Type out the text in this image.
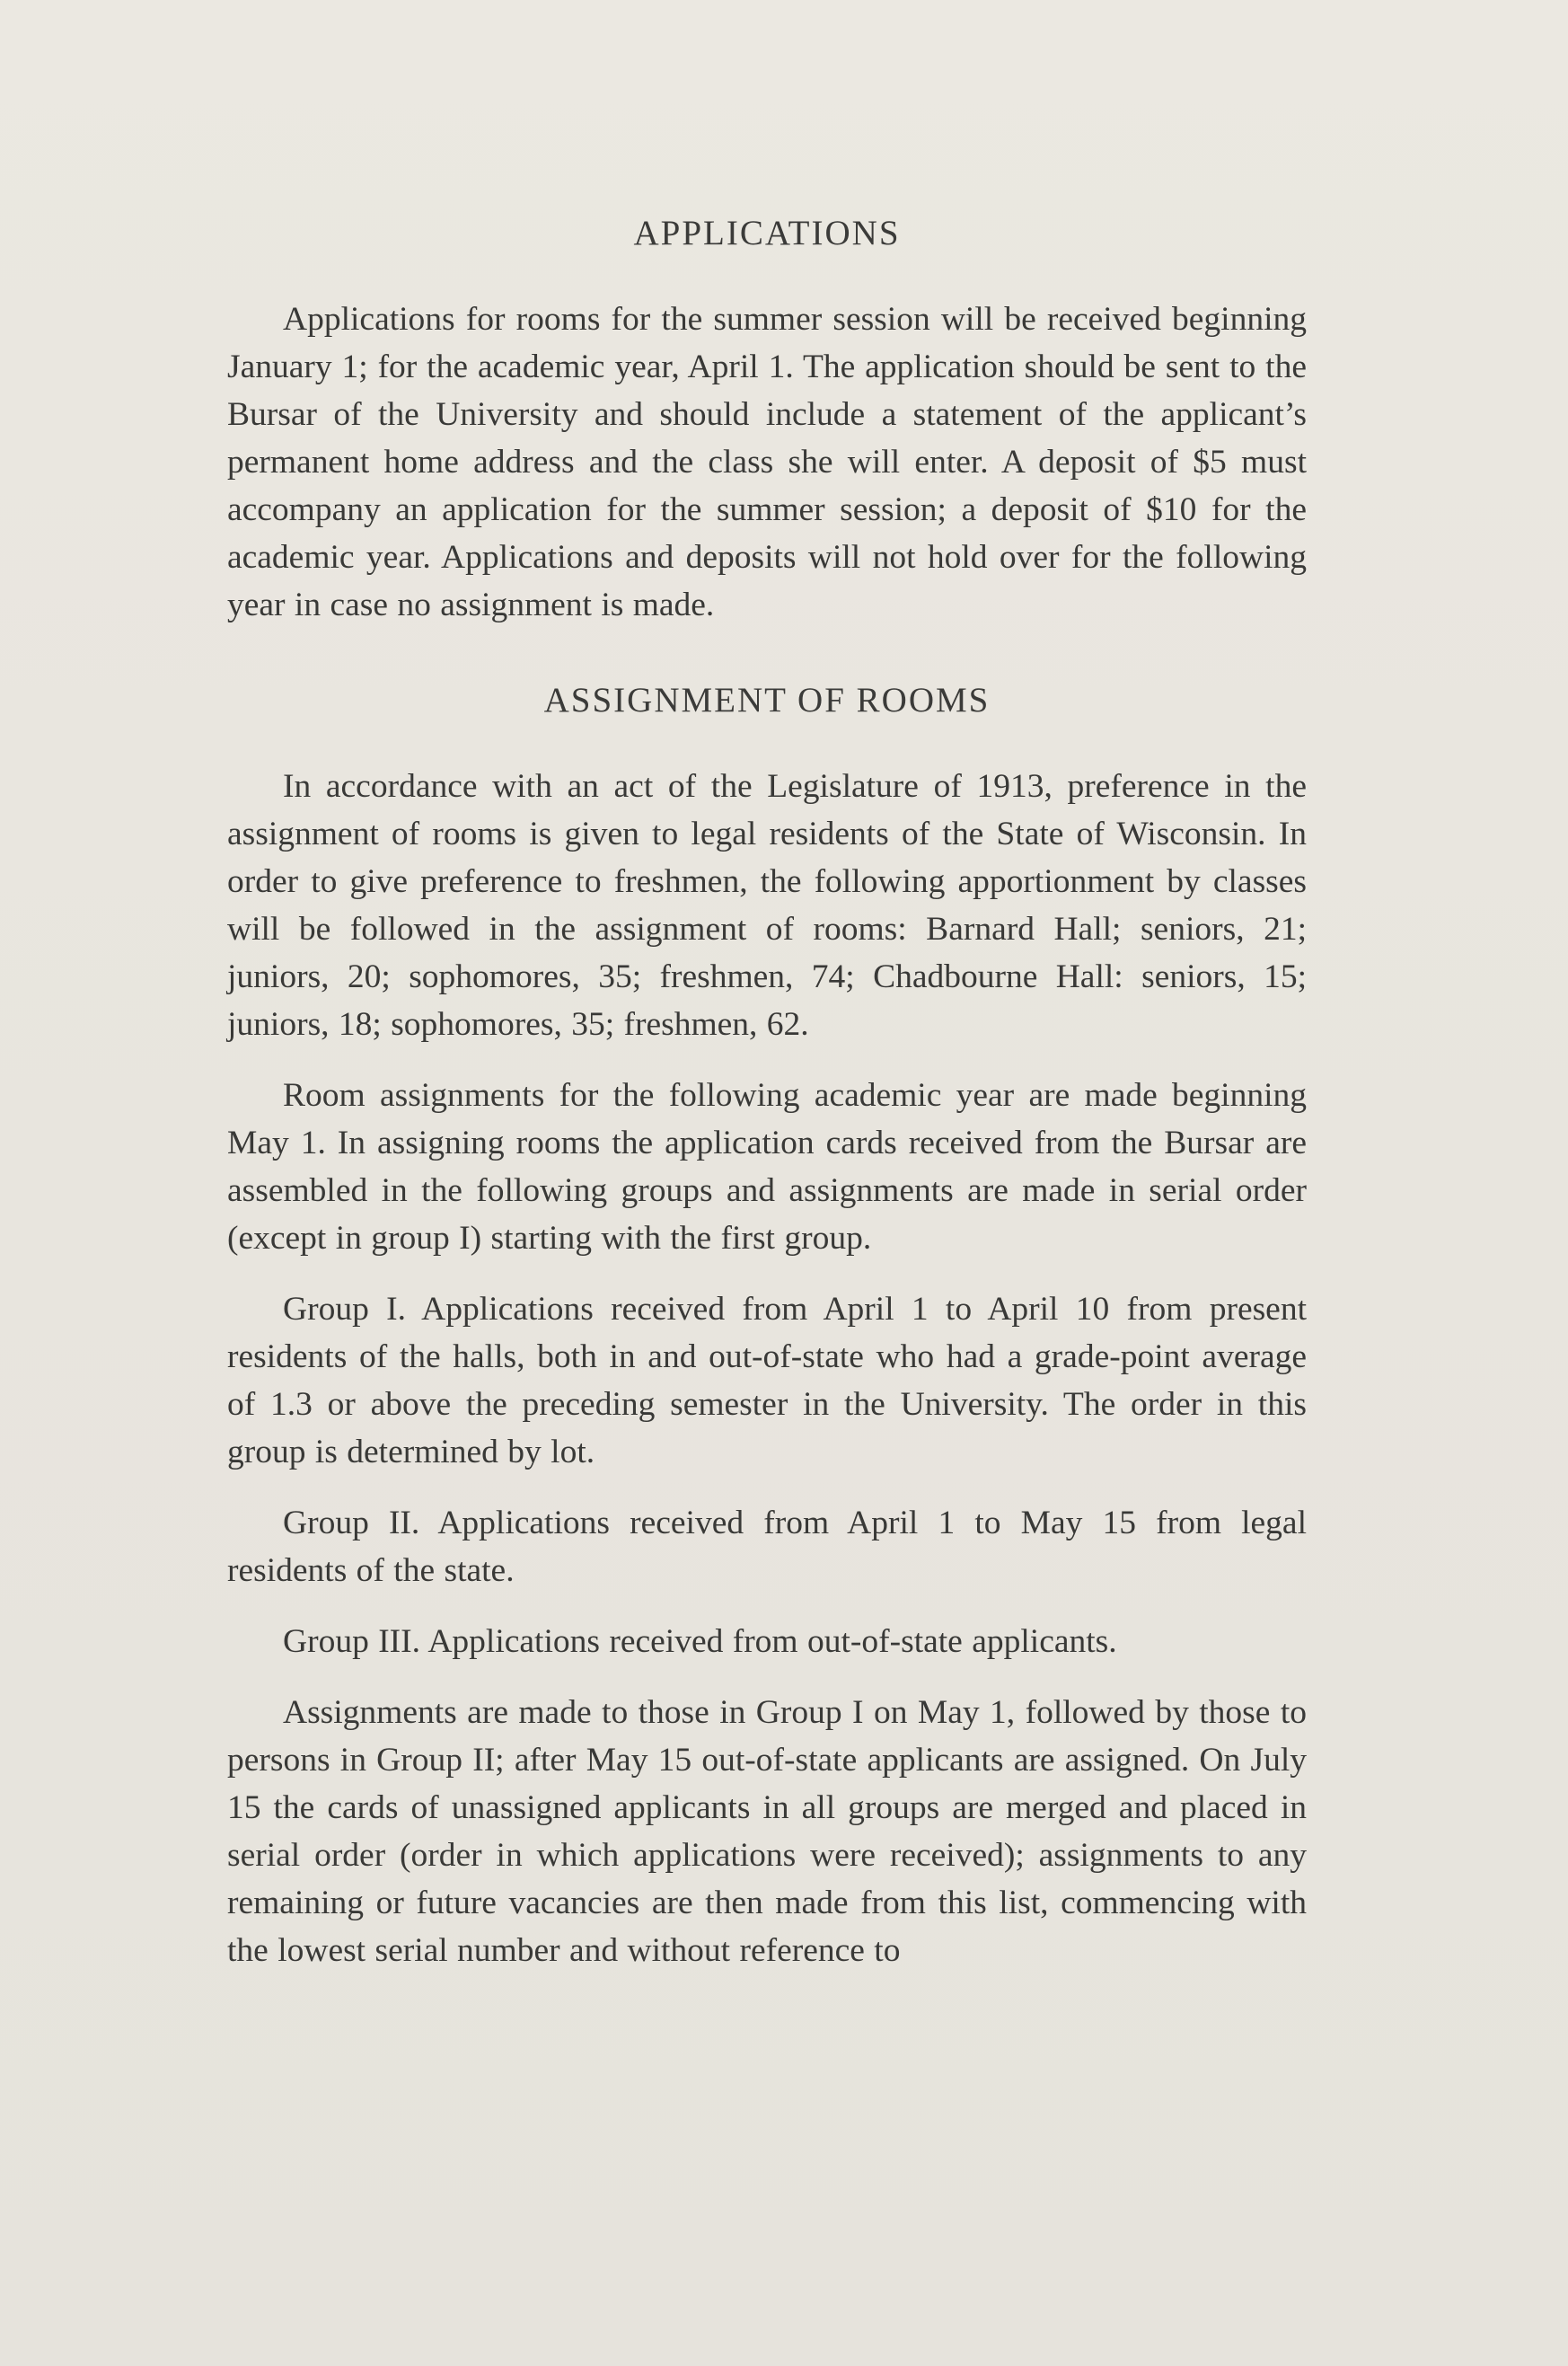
APPLICATIONS

Applications for rooms for the summer session will be received beginning January 1; for the academic year, April 1. The application should be sent to the Bursar of the University and should include a statement of the applicant’s permanent home address and the class she will enter. A deposit of $5 must accompany an application for the summer session; a deposit of $10 for the academic year. Applications and deposits will not hold over for the following year in case no assignment is made.

ASSIGNMENT OF ROOMS

In accordance with an act of the Legislature of 1913, preference in the assignment of rooms is given to legal residents of the State of Wisconsin. In order to give preference to freshmen, the following apportionment by classes will be followed in the assignment of rooms: Barnard Hall; seniors, 21; juniors, 20; sophomores, 35; freshmen, 74; Chadbourne Hall: seniors, 15; juniors, 18; sophomores, 35; freshmen, 62.

Room assignments for the following academic year are made beginning May 1. In assigning rooms the application cards received from the Bursar are assembled in the following groups and assignments are made in serial order (except in group I) starting with the first group.

Group I. Applications received from April 1 to April 10 from present residents of the halls, both in and out-of-state who had a grade-point average of 1.3 or above the preceding semester in the University. The order in this group is determined by lot.

Group II. Applications received from April 1 to May 15 from legal residents of the state.

Group III. Applications received from out-of-state applicants.

Assignments are made to those in Group I on May 1, followed by those to persons in Group II; after May 15 out-of-state applicants are assigned. On July 15 the cards of unassigned applicants in all groups are merged and placed in serial order (order in which applications were received); assignments to any remaining or future vacancies are then made from this list, commencing with the lowest serial number and without reference to
